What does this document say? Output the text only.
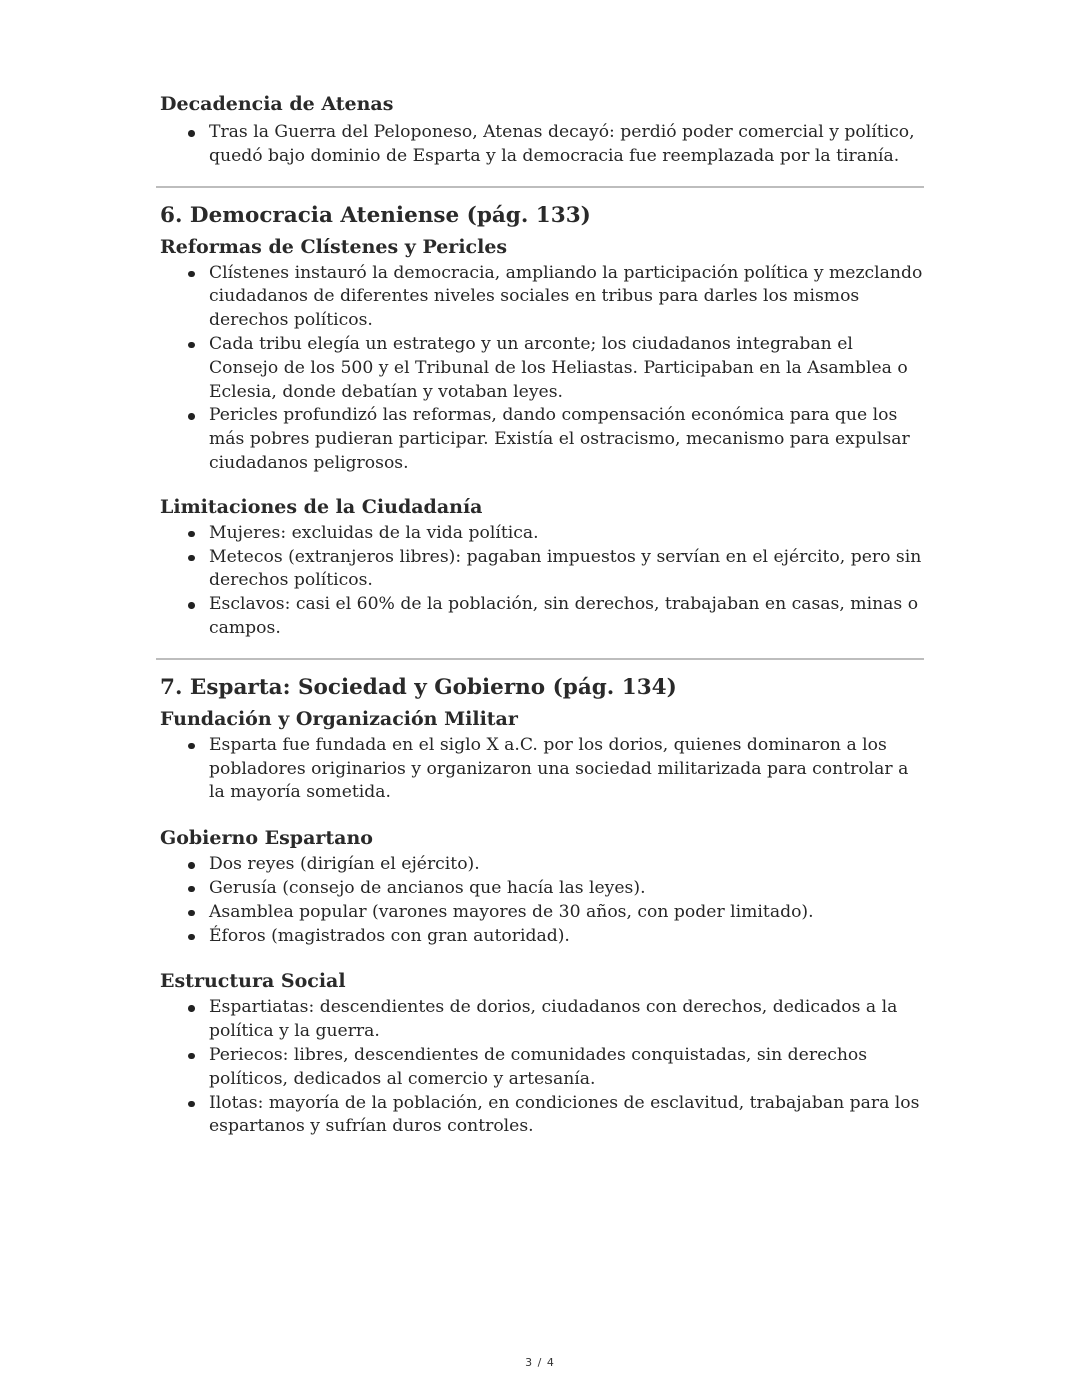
Decadencia de Atenas

Tras la Guerra del Peloponeso, Atenas decayó: perdió poder comercial y político, quedó bajo dominio de Esparta y la democracia fue reemplazada por la tiranía.
6. Democracia Ateniense (pág. 133)

Reformas de Clístenes y Pericles

Clístenes instauró la democracia, ampliando la participación política y mezclando ciudadanos de diferentes niveles sociales en tribus para darles los mismos derechos políticos.
Cada tribu elegía un estratego y un arconte; los ciudadanos integraban el Consejo de los 500 y el Tribunal de los Heliastas. Participaban en la Asamblea o Eclesia, donde debatían y votaban leyes.
Pericles profundizó las reformas, dando compensación económica para que los más pobres pudieran participar. Existía el ostracismo, mecanismo para expulsar ciudadanos peligrosos.

Limitaciones de la Ciudadanía

Mujeres: excluidas de la vida política.
Metecos (extranjeros libres): pagaban impuestos y servían en el ejército, pero sin derechos políticos.
Esclavos: casi el 60% de la población, sin derechos, trabajaban en casas, minas o campos.
7. Esparta: Sociedad y Gobierno (pág. 134)

Fundación y Organización Militar

Esparta fue fundada en el siglo X a.C. por los dorios, quienes dominaron a los pobladores originarios y organizaron una sociedad militarizada para controlar a la mayoría sometida.

Gobierno Espartano

Dos reyes (dirigían el ejército).
Gerusía (consejo de ancianos que hacía las leyes).
Asamblea popular (varones mayores de 30 años, con poder limitado).
Éforos (magistrados con gran autoridad).

Estructura Social

Espartiatas: descendientes de dorios, ciudadanos con derechos, dedicados a la política y la guerra.
Periecos: libres, descendientes de comunidades conquistadas, sin derechos políticos, dedicados al comercio y artesanía.
Ilotas: mayoría de la población, en condiciones de esclavitud, trabajaban para los espartanos y sufrían duros controles.
3 / 4
